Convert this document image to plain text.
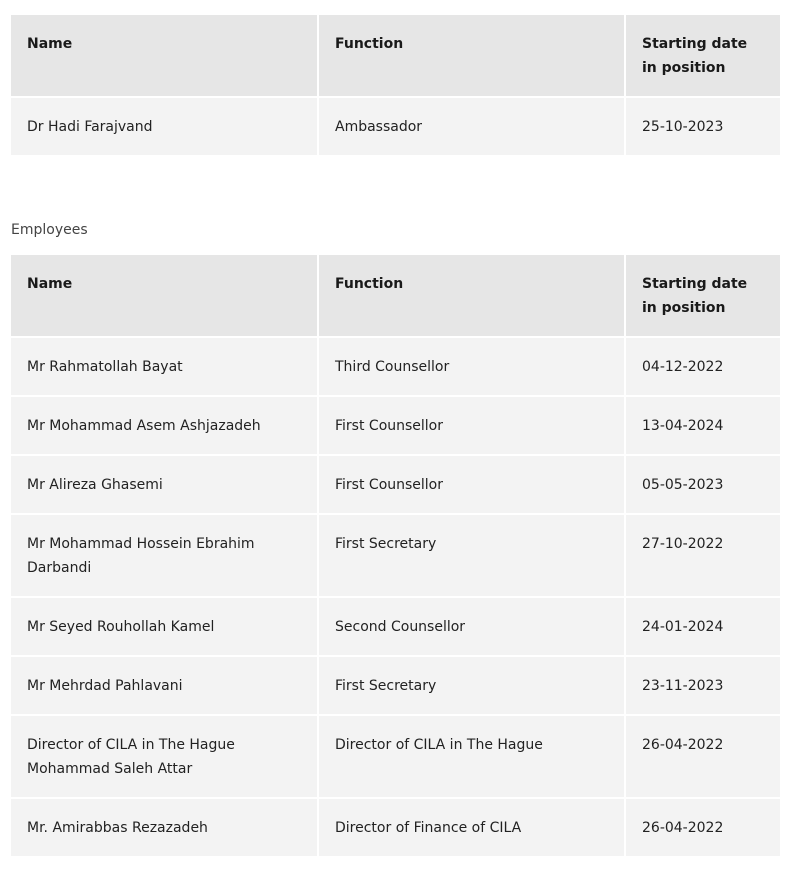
Name	Function	Starting date in position
Dr Hadi Farajvand	Ambassador	25-10-2023
Employees
Name	Function	Starting date in position
Mr Rahmatollah Bayat	Third Counsellor	04-12-2022
Mr Mohammad Asem Ashjazadeh	First Counsellor	13-04-2024
Mr Alireza Ghasemi	First Counsellor	05-05-2023
Mr Mohammad Hossein Ebrahim Darbandi	First Secretary	27-10-2022
Mr Seyed Rouhollah Kamel	Second Counsellor	24-01-2024
Mr Mehrdad Pahlavani	First Secretary	23-11-2023
Director of CILA in The Hague Mohammad Saleh Attar	Director of CILA in The Hague	26-04-2022
Mr. Amirabbas Rezazadeh	Director of Finance of CILA	26-04-2022
